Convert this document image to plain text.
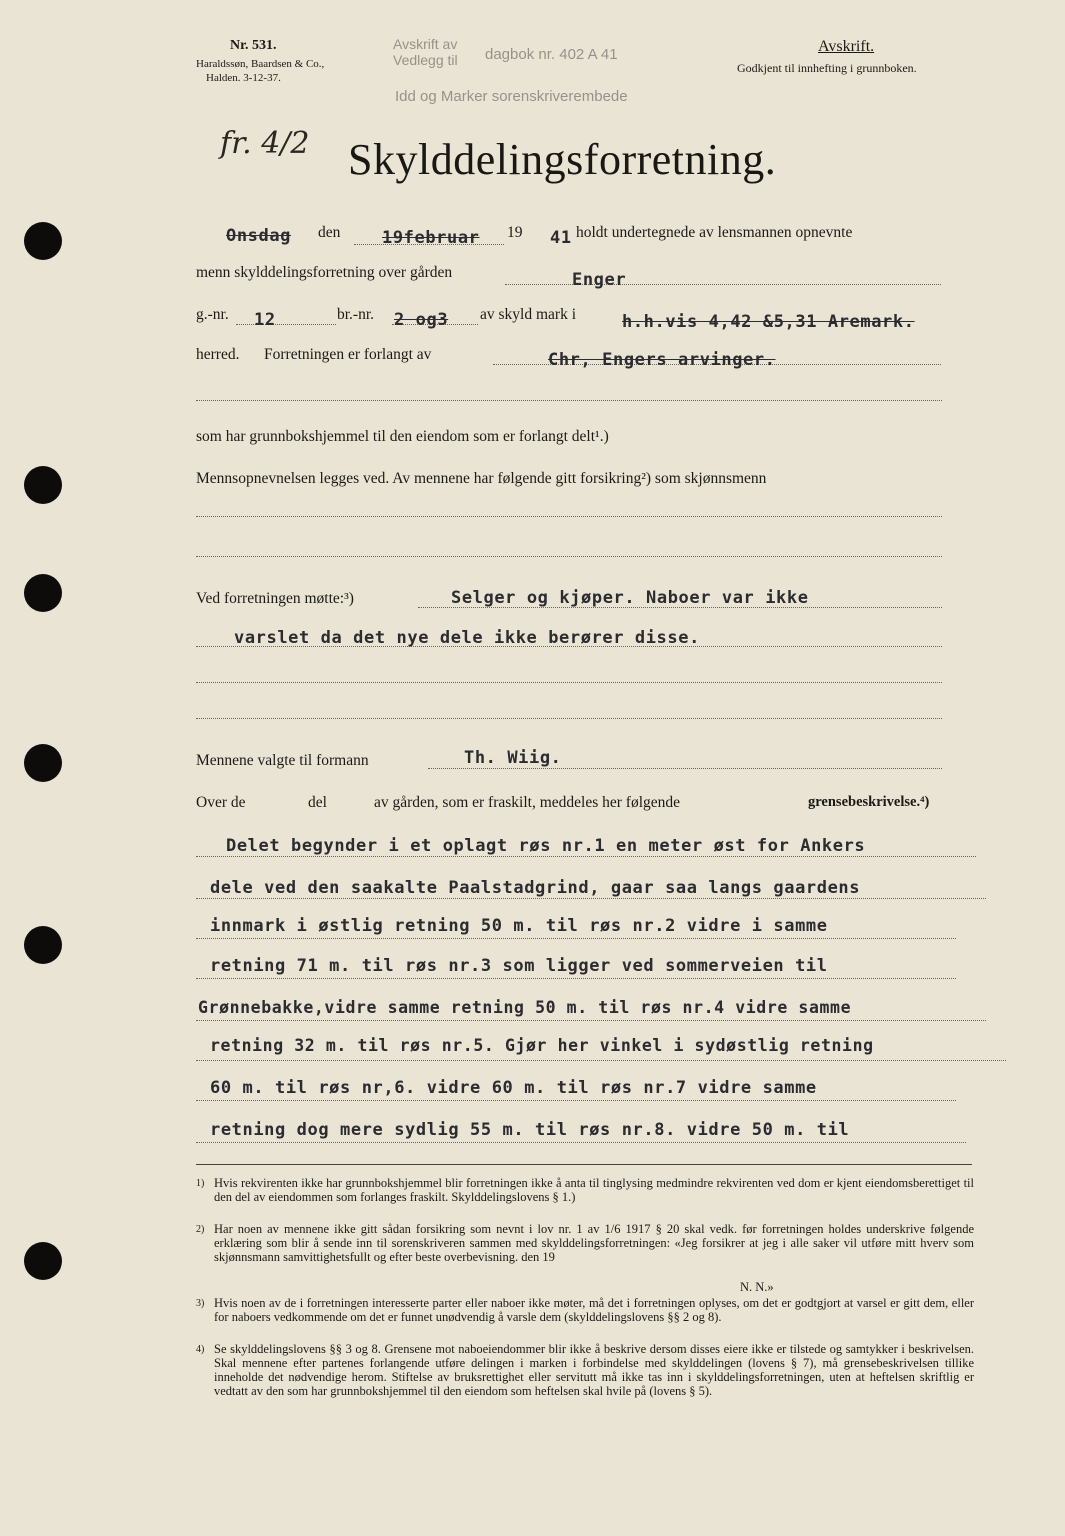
Nr. 531.
Haraldssøn, Baardsen & Co.,
Halden. 3-12-37.
Avskrift av
Vedlegg til
Idd og Marker sorenskriverembede
dagbok nr. 402 A 41	Avskrift.
Godkjent til innhefting i grunnboken.
fr. 4/2 Skylddelingsforretning.
Onsdag den 19februar 19 41 holdt undertegnede av lensmannen opnevnte
menn skylddelingsforretning over gården	Enger
g.-nr. 12	br.-nr. 2 og3 av skyld mark i	h.h.vis 4,42 &5,31 Aremark.
herred. Forretningen er forlangt av	Chr, Engers arvinger.
som har grunnbokshjemmel til den eiendom som er forlangt delt¹.)
Mennsopnevnelsen legges ved. Av mennene har følgende gitt forsikring²) som skjønnsmenn
Ved forretningen møtte:³)	Selger og kjøper. Naboer var ikke
varslet da det nye dele ikke berører disse.
Mennene valgte til formann	Th. Wiig.
Over de	del	av gården, som er fraskilt, meddeles her følgende	grensebeskrivelse.⁴)
Delet begynder i et oplagt røs nr.1 en meter øst for Ankers
dele ved den saakalte Paalstadgrind, gaar saa langs gaardens
innmark i østlig retning 50 m. til røs nr.2 vidre i samme
retning 71 m. til røs nr.3 som ligger ved sommerveien til
Grønnebakke,vidre samme retning 50 m. til røs nr.4 vidre samme
retning 32 m. til røs nr.5. Gjør her vinkel i sydøstlig retning
60 m. til røs nr,6. vidre 60 m. til røs nr.7 vidre samme
retning dog mere sydlig 55 m. til røs nr.8. vidre 50 m. til
1) Hvis rekvirenten ikke har grunnbokshjemmel blir forretningen ikke å anta til tinglysing medmindre rekvirenten ved dom er kjent eiendomsberettiget til den del av eiendommen som forlanges fraskilt. Skylddelingslovens § 1.)
2) Har noen av mennene ikke gitt sådan forsikring som nevnt i lov nr. 1 av 1/6 1917 § 20 skal vedk. før forretningen holdes underskrive følgende erklæring som blir å sende inn til sorenskriveren sammen med skylddelingsforretningen: «Jeg forsikrer at jeg i alle saker vil utføre mitt hverv som skjønnsmann samvittighetsfullt og efter beste overbevisning. den 19
N. N.»
3) Hvis noen av de i forretningen interesserte parter eller naboer ikke møter, må det i forretningen oplyses, om det er godtgjort at varsel er gitt dem, eller for naboers vedkommende om det er funnet unødvendig å varsle dem (skylddelingslovens §§ 2 og 8).
4) Se skylddelingslovens §§ 3 og 8. Grensene mot naboeiendommer blir ikke å beskrive dersom disses eiere ikke er tilstede og samtykker i beskrivelsen. Skal mennene efter partenes forlangende utføre delingen i marken i forbindelse med skylddelingen (lovens § 7), må grensebeskrivelsen tillike inneholde det nødvendige herom. Stiftelse av bruksrettighet eller servitutt må ikke tas inn i skylddelingsforretningen, uten at heftelsen skriftlig er vedtatt av den som har grunnbokshjemmel til den eiendom som heftelsen skal hvile på (lovens § 5).
